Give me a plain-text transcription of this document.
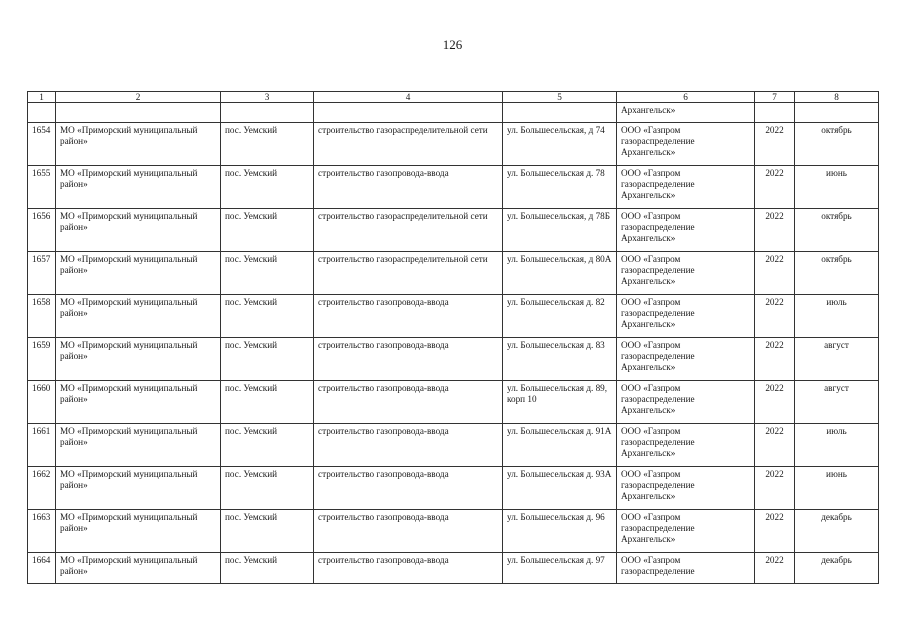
126
1	2	3	4	5	6	7	8
					Архангельск»		
1654	МО «Приморский муниципальный район»	пос. Уемский	строительство газораспределительной сети	ул. Большесельская, д 74	ООО «Газпром газораспределение Архангельск»	2022	октябрь
1655	МО «Приморский муниципальный район»	пос. Уемский	строительство газопровода-ввода	ул. Большесельская д. 78	ООО «Газпром газораспределение Архангельск»	2022	июнь
1656	МО «Приморский муниципальный район»	пос. Уемский	строительство газораспределительной сети	ул. Большесельская, д 78Б	ООО «Газпром газораспределение Архангельск»	2022	октябрь
1657	МО «Приморский муниципальный район»	пос. Уемский	строительство газораспределительной сети	ул. Большесельская, д 80А	ООО «Газпром газораспределение Архангельск»	2022	октябрь
1658	МО «Приморский муниципальный район»	пос. Уемский	строительство газопровода-ввода	ул. Большесельская д. 82	ООО «Газпром газораспределение Архангельск»	2022	июль
1659	МО «Приморский муниципальный район»	пос. Уемский	строительство газопровода-ввода	ул. Большесельская д. 83	ООО «Газпром газораспределение Архангельск»	2022	август
1660	МО «Приморский муниципальный район»	пос. Уемский	строительство газопровода-ввода	ул. Большесельская д. 89, корп 10	ООО «Газпром газораспределение Архангельск»	2022	август
1661	МО «Приморский муниципальный район»	пос. Уемский	строительство газопровода-ввода	ул. Большесельская д. 91А	ООО «Газпром газораспределение Архангельск»	2022	июль
1662	МО «Приморский муниципальный район»	пос. Уемский	строительство газопровода-ввода	ул. Большесельская д. 93А	ООО «Газпром газораспределение Архангельск»	2022	июнь
1663	МО «Приморский муниципальный район»	пос. Уемский	строительство газопровода-ввода	ул. Большесельская д. 96	ООО «Газпром газораспределение Архангельск»	2022	декабрь
1664	МО «Приморский муниципальный район»	пос. Уемский	строительство газопровода-ввода	ул. Большесельская д. 97	ООО «Газпром газораспределение	2022	декабрь
